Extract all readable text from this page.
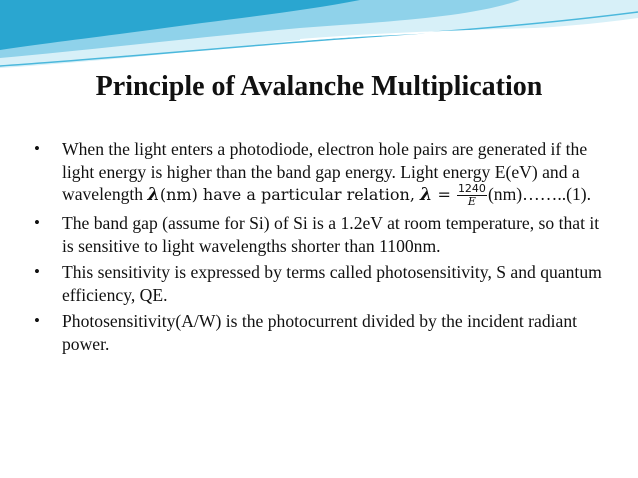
Principle of Avalanche Multiplication
• When the light enters a photodiode, electron hole pairs are generated if the light energy is higher than the band gap energy. Light energy E(eV) and a wavelength 𝝀(nm) have a particular relation, 𝝀 = $\frac{1240}{E}$ (nm)……..(1).
• The band gap (assume for Si) of Si is a 1.2eV at room temperature, so that it is sensitive to light wavelengths shorter than 1100nm.
• This sensitivity is expressed by terms called photosensitivity, S and quantum efficiency, QE.
• Photosensitivity(A/W) is the photocurrent divided by the incident radiant power.
